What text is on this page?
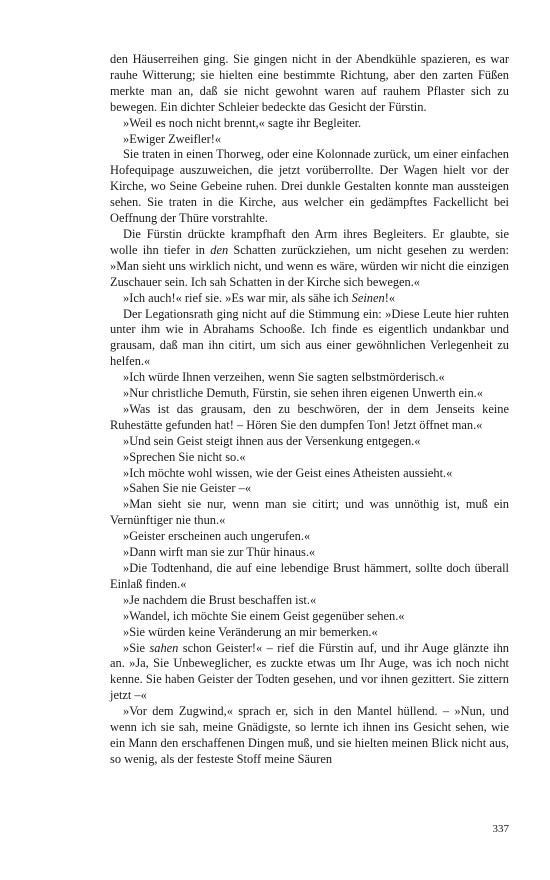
den Häuserreihen ging. Sie gingen nicht in der Abendkühle spazieren, es war rauhe Witterung; sie hielten eine bestimmte Richtung, aber den zarten Füßen merkte man an, daß sie nicht gewohnt waren auf rauhem Pflaster sich zu bewegen. Ein dichter Schleier bedeckte das Gesicht der Fürstin.

»Weil es noch nicht brennt,« sagte ihr Begleiter.

»Ewiger Zweifler!«

Sie traten in einen Thorweg, oder eine Kolonnade zurück, um einer einfachen Hofequipage auszuweichen, die jetzt vorüberrollte. Der Wagen hielt vor der Kirche, wo Seine Gebeine ruhen. Drei dunkle Gestalten konnte man aussteigen sehen. Sie traten in die Kirche, aus welcher ein gedämpftes Fackellicht bei Oeffnung der Thüre vorstrahlte.

Die Fürstin drückte krampfhaft den Arm ihres Begleiters. Er glaubte, sie wolle ihn tiefer in den Schatten zurückziehen, um nicht gesehen zu werden: »Man sieht uns wirklich nicht, und wenn es wäre, würden wir nicht die einzigen Zuschauer sein. Ich sah Schatten in der Kirche sich bewegen.«

»Ich auch!« rief sie. »Es war mir, als sähe ich Seinen!«

Der Legationsrath ging nicht auf die Stimmung ein: »Diese Leute hier ruhten unter ihm wie in Abrahams Schooße. Ich finde es eigentlich undankbar und grausam, daß man ihn citirt, um sich aus einer gewöhnlichen Verlegenheit zu helfen.«

»Ich würde Ihnen verzeihen, wenn Sie sagten selbstmörderisch.«

»Nur christliche Demuth, Fürstin, sie sehen ihren eigenen Unwerth ein.«

»Was ist das grausam, den zu beschwören, der in dem Jenseits keine Ruhestätte gefunden hat! – Hören Sie den dumpfen Ton! Jetzt öffnet man.«

»Und sein Geist steigt ihnen aus der Versenkung entgegen.«

»Sprechen Sie nicht so.«

»Ich möchte wohl wissen, wie der Geist eines Atheisten aussieht.«

»Sahen Sie nie Geister –«

»Man sieht sie nur, wenn man sie citirt; und was unnöthig ist, muß ein Vernünftiger nie thun.«

»Geister erscheinen auch ungerufen.«

»Dann wirft man sie zur Thür hinaus.«

»Die Todtenhand, die auf eine lebendige Brust hämmert, sollte doch überall Einlaß finden.«

»Je nachdem die Brust beschaffen ist.«

»Wandel, ich möchte Sie einem Geist gegenüber sehen.«

»Sie würden keine Veränderung an mir bemerken.«

»Sie sahen schon Geister!« – rief die Fürstin auf, und ihr Auge glänzte ihn an. »Ja, Sie Unbeweglicher, es zuckte etwas um Ihr Auge, was ich noch nicht kenne. Sie haben Geister der Todten gesehen, und vor ihnen gezittert. Sie zittern jetzt –«

»Vor dem Zugwind,« sprach er, sich in den Mantel hüllend. – »Nun, und wenn ich sie sah, meine Gnädigste, so lernte ich ihnen ins Gesicht sehen, wie ein Mann den erschaffenen Dingen muß, und sie hielten meinen Blick nicht aus, so wenig, als der festeste Stoff meine Säuren

337
